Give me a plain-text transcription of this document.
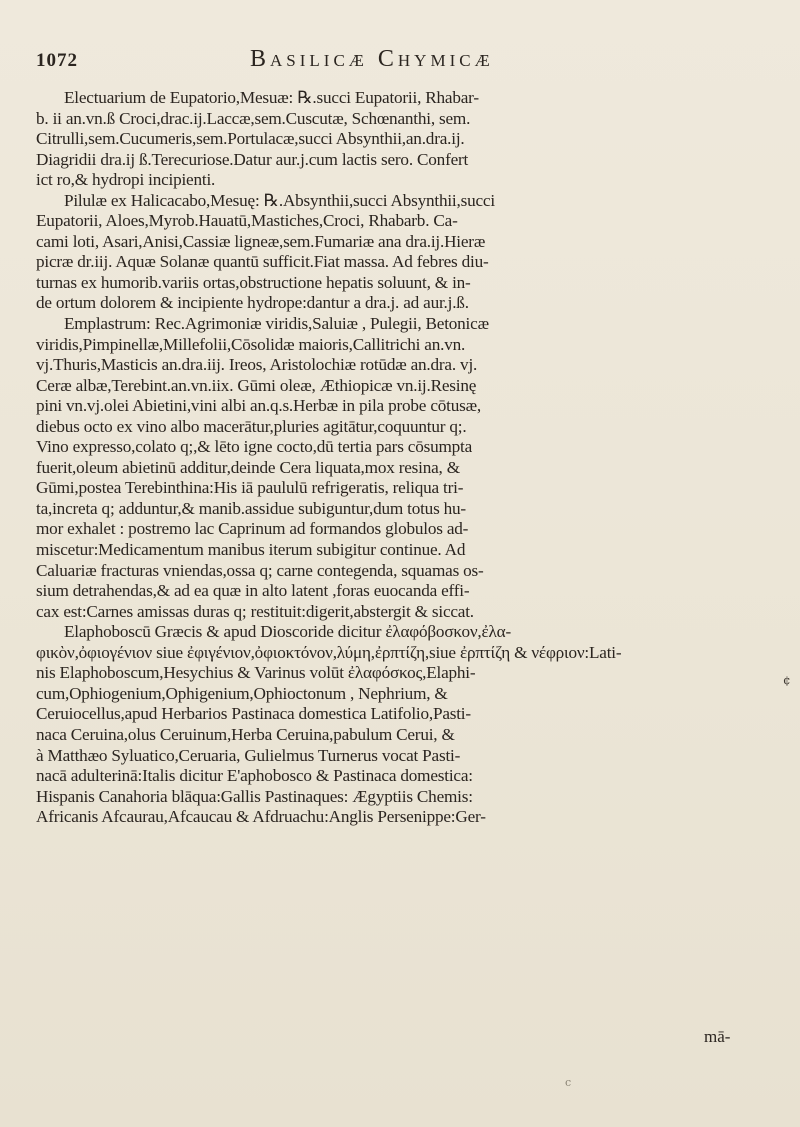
1072	Basilicæ Chymicæ
Electuarium de Eupatorio,Mesuæ: ℞.succi Eupatorii, Rhabar-
b. ii an.vn.ß Croci,drac.ij.Laccæ,sem.Cuscutæ, Schœnanthi, sem.
Citrulli,sem.Cucumeris,sem.Portulacæ,succi Absynthii,an.dra.ij.
Diagridii dra.ij ß.Terecuriose.Datur aur.j.cum lactis sero. Confert
ict ro,& hydropi incipienti.
Pilulæ ex Halicacabo,Mesuę: ℞.Absynthii,succi Absynthii,succi
Eupatorii, Aloes,Myrob.Hauatū,Mastiches,Croci, Rhabarb. Ca-
cami loti, Asari,Anisi,Cassiæ ligneæ,sem.Fumariæ ana dra.ij.Hieræ
picræ dr.iij. Aquæ Solanæ quantū sufficit.Fiat massa. Ad febres diu-
turnas ex humorib.variis ortas,obstructione hepatis soluunt, & in-
de ortum dolorem & incipiente hydrope:dantur a dra.j. ad aur.j.ß.
Emplastrum: Rec.Agrimoniæ viridis,Saluiæ , Pulegii, Betonicæ
viridis,Pimpinellæ,Millefolii,Cōsolidæ maioris,Callitrichi an.vn.
vj.Thuris,Masticis an.dra.iij. Ireos, Aristolochiæ rotūdæ an.dra. vj.
Ceræ albæ,Terebint.an.vn.iix. Gūmi oleæ, Æthiopicæ vn.ij.Resinę
pini vn.vj.olei Abietini,vini albi an.q.s.Herbæ in pila probe cōtusæ,
diebus octo ex vino albo macerātur,pluries agitātur,coquuntur q;.
Vino expresso,colato q;,& lēto igne cocto,dū tertia pars cōsumpta
fuerit,oleum abietinū additur,deinde Cera liquata,mox resina, &
Gūmi,postea Terebinthina:His iā paululū refrigeratis, reliqua tri-
ta,increta q; adduntur,& manib.assidue subiguntur,dum totus hu-
mor exhalet : postremo lac Caprinum ad formandos globulos ad-
miscetur:Medicamentum manibus iterum subigitur continue. Ad
Caluariæ fracturas vniendas,ossa q; carne contegenda, squamas os-
sium detrahendas,& ad ea quæ in alto latent ,foras euocanda effi-
cax est:Carnes amissas duras q; restituit:digerit,abstergit & siccat.
Elaphoboscū Græcis & apud Dioscoride dicitur ἐλαφόβοσκον,ἐλα-
φικὸν,ὀφιογένιον siue ἐφιγένιον,ὀφιοκτόνον,λύμη,ἐρπτίζη,siue ἐρπτίζη & νέφριον:Lati-
nis Elaphoboscum,Hesychius & Varinus volūt ἐλαφόσκος,Elaphi-
cum,Ophiogenium,Ophigenium,Ophioctonum , Nephrium, &
Ceruiocellus,apud Herbarios Pastinaca domestica Latifolio,Pasti-
naca Ceruina,olus Ceruinum,Herba Ceruina,pabulum Cerui, &
à Matthæo Syluatico,Ceruaria, Gulielmus Turnerus vocat Pasti-
nacā adulterinā:Italis dicitur E'aphobosco & Pastinaca domestica:
Hispanis Canahoria blāqua:Gallis Pastinaques: Ægyptiis Chemis:
Africanis Afcaurau,Afcaucau & Afdruachu:Anglis Persenippe:Ger-
mā-
c
¢
